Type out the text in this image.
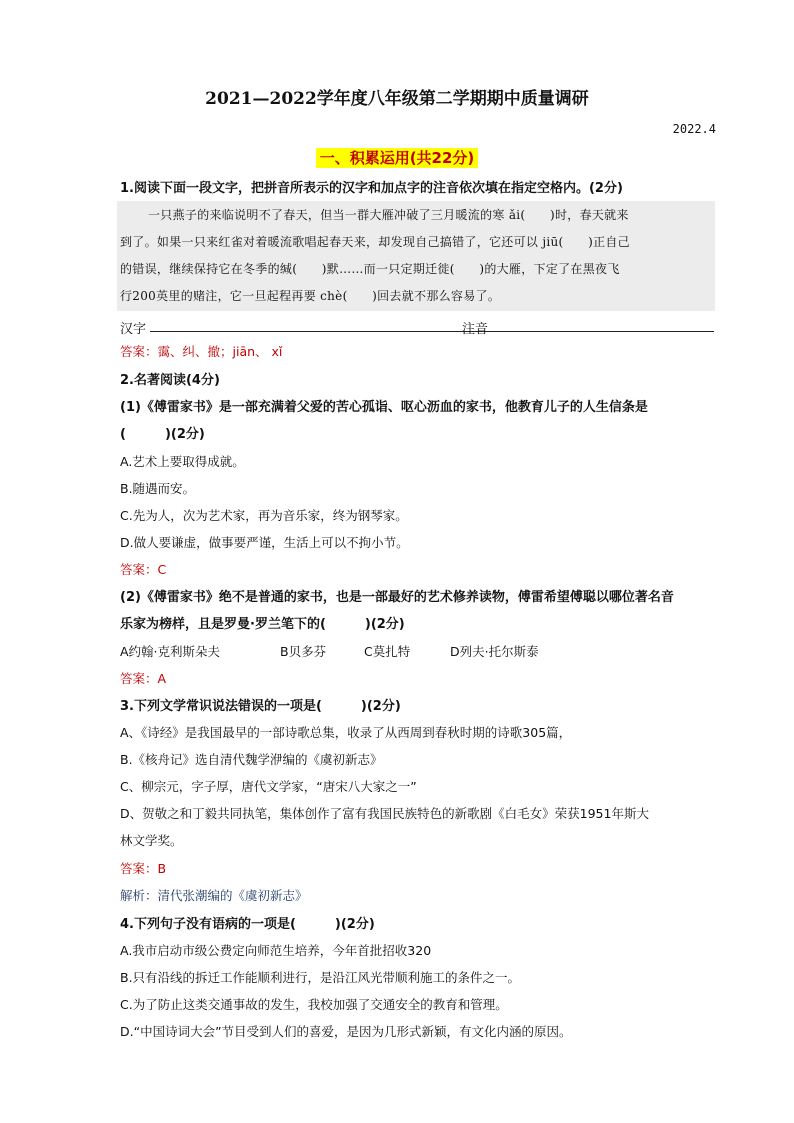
2021—2022学年度八年级第二学期期中质量调研
2022.4
一、积累运用(共22分)
1.阅读下面一段文字，把拼音所表示的汉字和加点字的注音依次填在指定空格内。(2分)
一只燕子的来临说明不了春天，但当一群大雁冲破了三月暖流的寒 ǎi(　　)时，春天就来
到了。如果一只来红雀对着暖流歌唱起春天来，却发现自己搞错了，它还可以 jiū(　　)正自己
的错误，继续保持它在冬季的缄(　　)默……而一只定期迁徙(　　)的大雁，下定了在黑夜飞
行200英里的赌注，它一旦起程再要 chè(　　)回去就不那么容易了。
汉字	注音
答案：霭、纠、撤；jiān、 xǐ
2.名著阅读(4分)
(1)《傅雷家书》是一部充满着父爱的苦心孤诣、呕心沥血的家书，他教育儿子的人生信条是
(　　　)(2分)
A.艺术上要取得成就。
B.随遇而安。
C.先为人，次为艺术家，再为音乐家，终为钢琴家。
D.做人要谦虚，做事要严谨，生活上可以不拘小节。
答案：C
(2)《傅雷家书》绝不是普通的家书，也是一部最好的艺术修养读物，傅雷希望傅聪以哪位著名音
乐家为榜样，且是罗曼·罗兰笔下的(　　　)(2分)
A约翰·克利斯朵夫	B贝多芬	C莫扎特	D列夫·托尔斯泰
答案：A
3.下列文学常识说法错误的一项是(　　　)(2分)
A、《诗经》是我国最早的一部诗歌总集，收录了从西周到春秋时期的诗歌305篇，
B.《核舟记》选自清代魏学洢编的《虞初新志》
C、柳宗元，字子厚，唐代文学家，“唐宋八大家之一”
D、贺敬之和丁毅共同执笔，集体创作了富有我国民族特色的新歌剧《白毛女》荣获1951年斯大
林文学奖。
答案：B
解析：清代张潮编的《虞初新志》
4.下列句子没有语病的一项是(　　　)(2分)
A.我市启动市级公费定向师范生培养，今年首批招收320
B.只有沿线的拆迁工作能顺利进行，是沿江风光带顺利施工的条件之一。
C.为了防止这类交通事故的发生，我校加强了交通安全的教育和管理。
D.“中国诗词大会”节目受到人们的喜爱，是因为几形式新颖，有文化内涵的原因。
